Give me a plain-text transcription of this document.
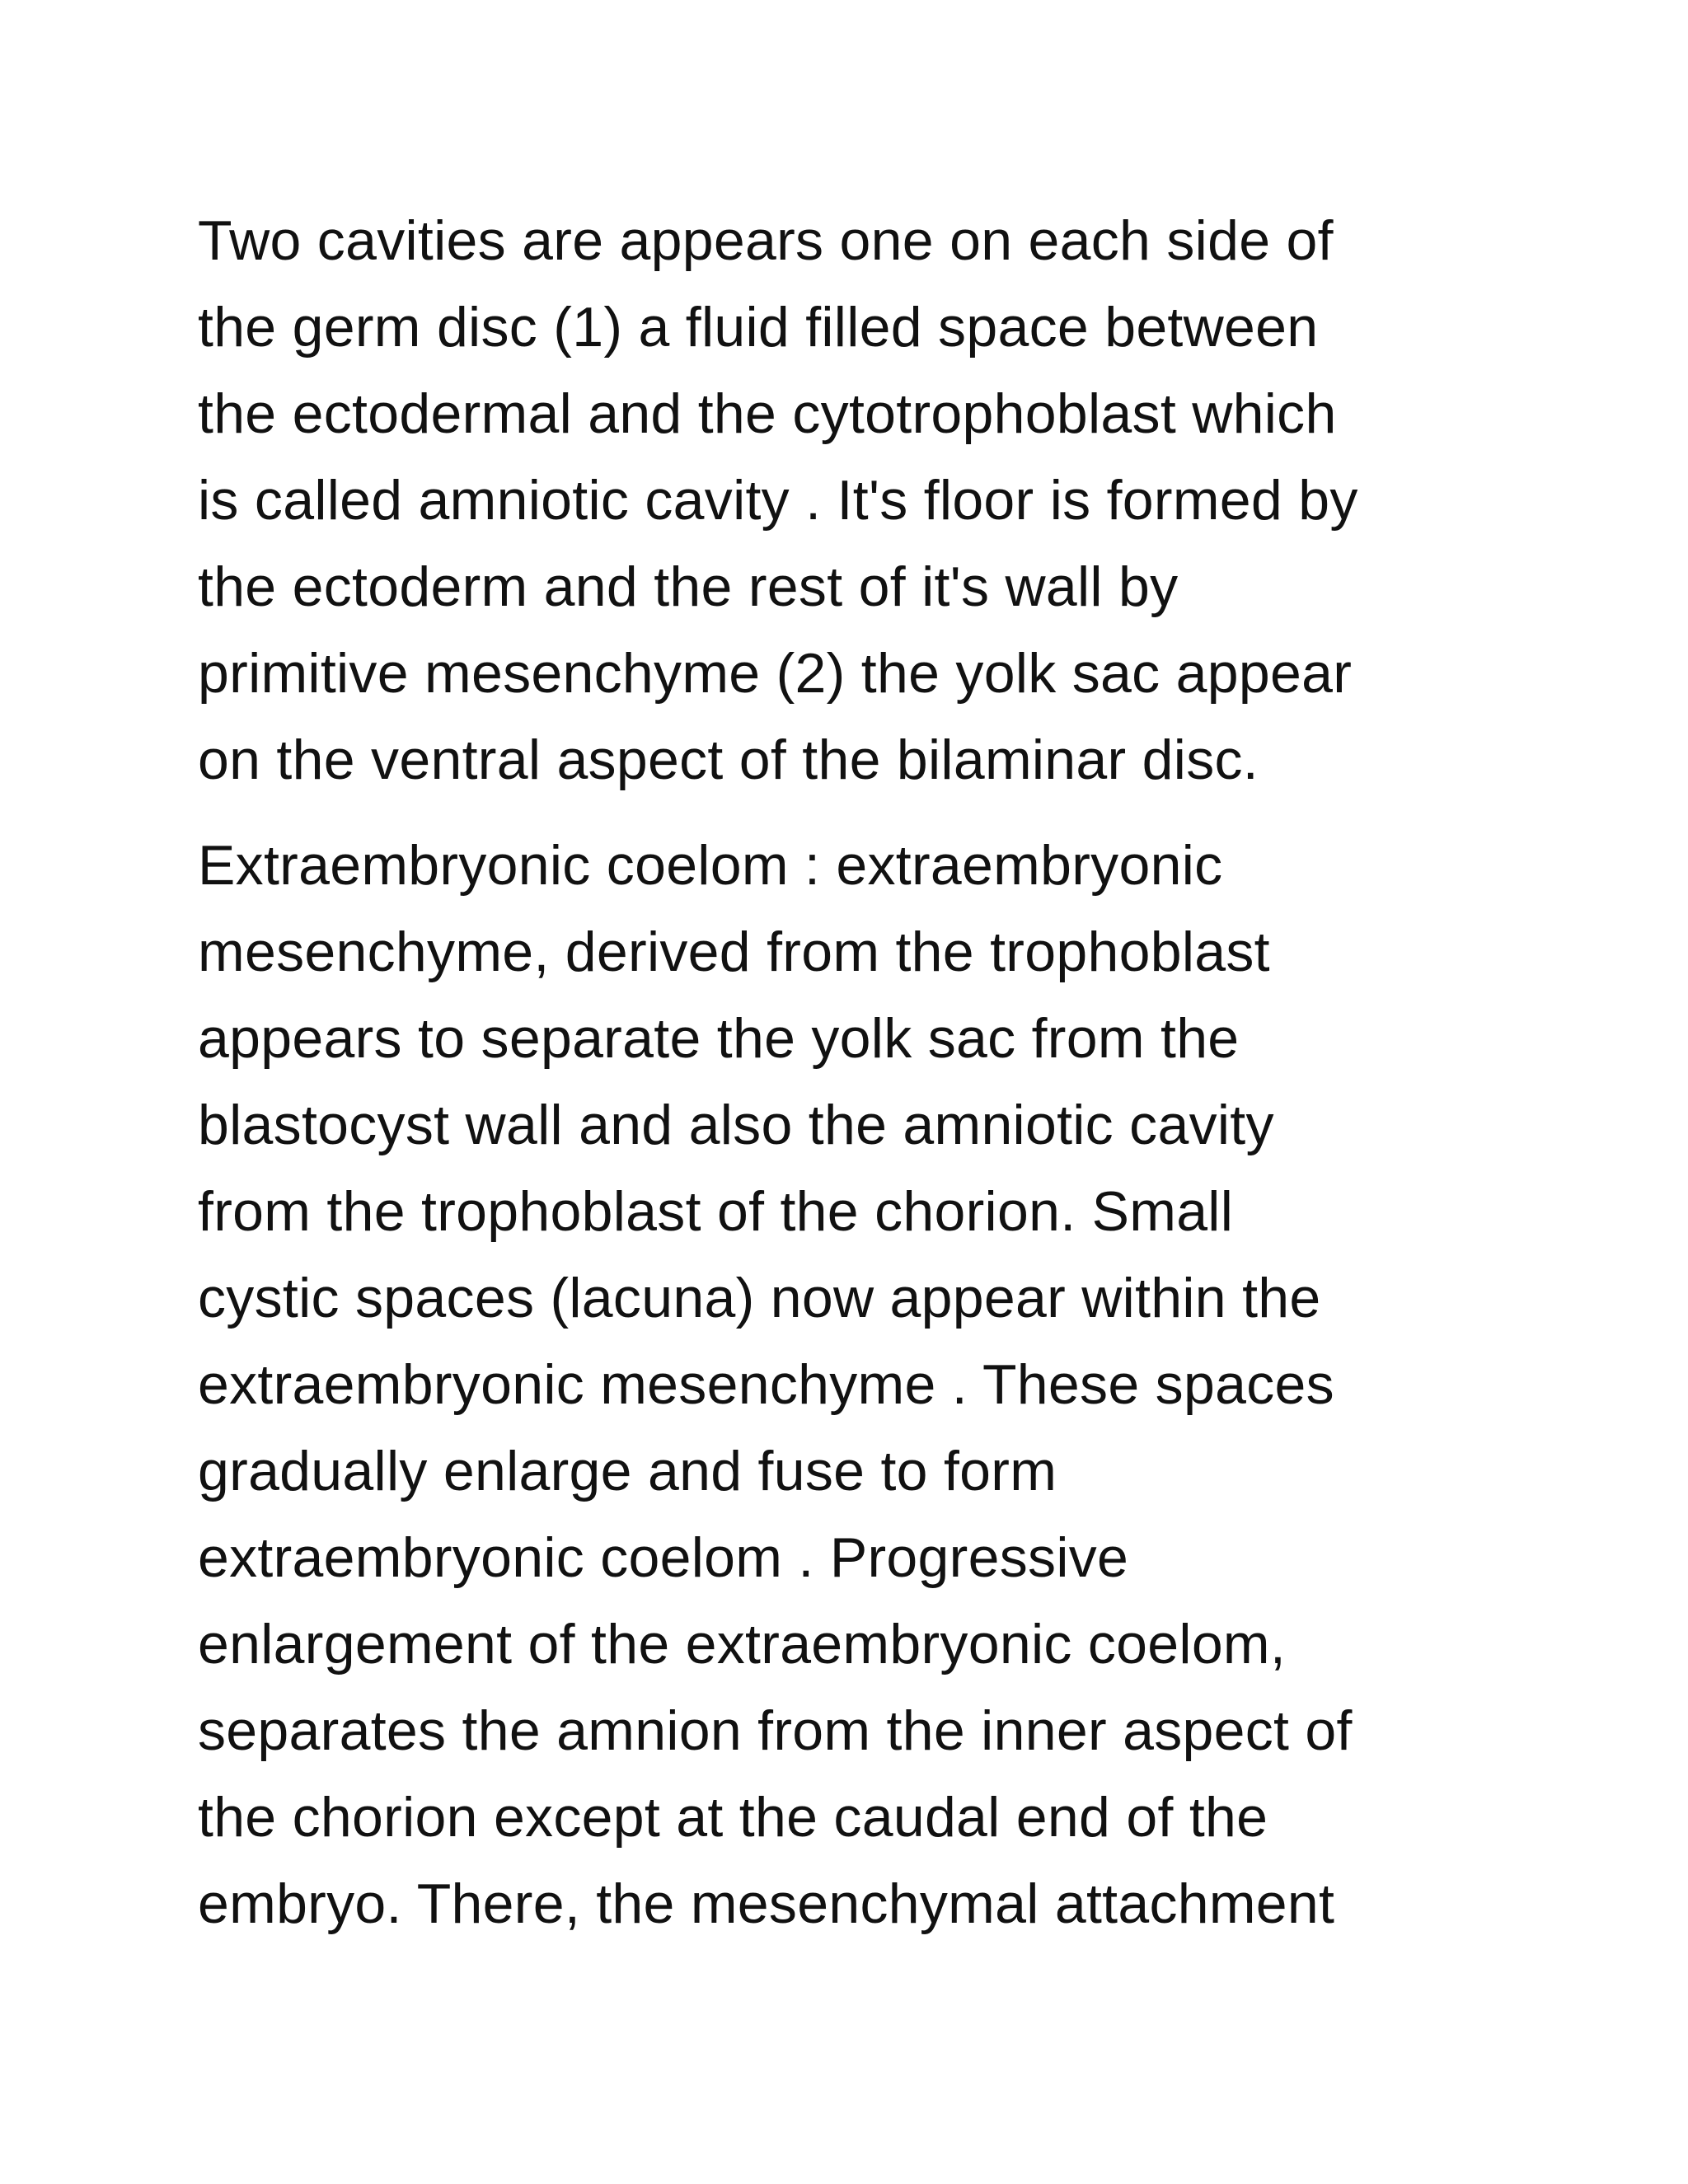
Two cavities are appears one on each side of
the germ disc (1) a fluid filled space between
the ectodermal and the cytotrophoblast which
is called amniotic cavity . It's floor is formed by
the ectoderm and the rest of it's wall by
primitive mesenchyme (2) the yolk sac appear
on the ventral aspect of the bilaminar disc.
Extraembryonic coelom : extraembryonic
mesenchyme, derived from the trophoblast
appears to separate the yolk sac from the
blastocyst wall and also the amniotic cavity
from the trophoblast of the chorion. Small
cystic spaces (lacuna) now appear within the
extraembryonic mesenchyme . These spaces
gradually enlarge and fuse to form
extraembryonic coelom . Progressive
enlargement of the extraembryonic coelom,
separates the amnion from the inner aspect of
the chorion except at the caudal end of the
embryo. There, the mesenchymal attachment
